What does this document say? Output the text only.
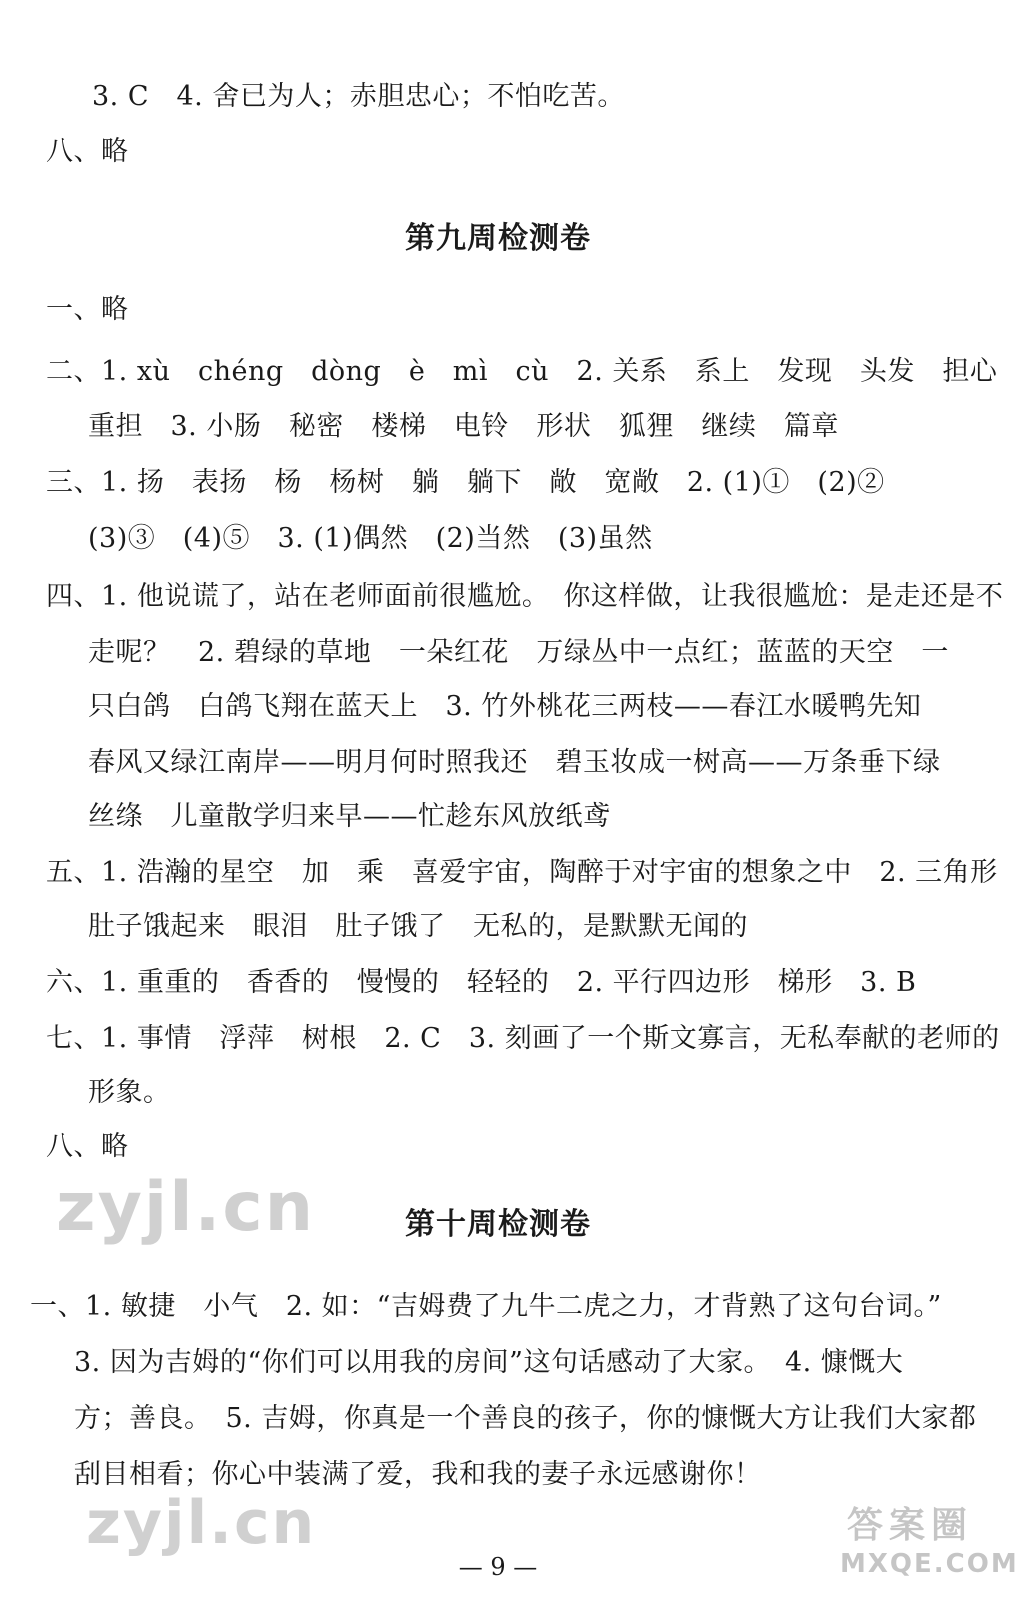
3. C　4. 舍已为人；赤胆忠心；不怕吃苦。
八、略
第九周检测卷
一、略
二、1. xù　chéng　dòng　è　mì　cù　2. 关系　系上　发现　头发　担心
重担　3. 小肠　秘密　楼梯　电铃　形状　狐狸　继续　篇章
三、1. 扬　表扬　杨　杨树　躺　躺下　敞　宽敞　2. (1)①　(2)②
(3)③　(4)⑤　3. (1)偶然　(2)当然　(3)虽然
四、1. 他说谎了，站在老师面前很尴尬。　你这样做，让我很尴尬：是走还是不
走呢？　2. 碧绿的草地　一朵红花　万绿丛中一点红；蓝蓝的天空　一
只白鸽　白鸽飞翔在蓝天上　3. 竹外桃花三两枝——春江水暖鸭先知
春风又绿江南岸——明月何时照我还　碧玉妆成一树高——万条垂下绿
丝绦　儿童散学归来早——忙趁东风放纸鸢
五、1. 浩瀚的星空　加　乘　喜爱宇宙，陶醉于对宇宙的想象之中　2. 三角形
肚子饿起来　眼泪　肚子饿了　无私的，是默默无闻的
六、1. 重重的　香香的　慢慢的　轻轻的　2. 平行四边形　梯形　3. B
七、1. 事情　浮萍　树根　2. C　3. 刻画了一个斯文寡言，无私奉献的老师的
形象。
八、略
zyjl.cn	第十周检测卷
一、1. 敏捷　小气　2. 如：“吉姆费了九牛二虎之力，才背熟了这句台词。”
3. 因为吉姆的“你们可以用我的房间”这句话感动了大家。　4. 慷慨大
方；善良。　5. 吉姆，你真是一个善良的孩子，你的慷慨大方让我们大家都
刮目相看；你心中装满了爱，我和我的妻子永远感谢你！
zyjl.cn
— 9 —
答案圈
MXQE.COM
